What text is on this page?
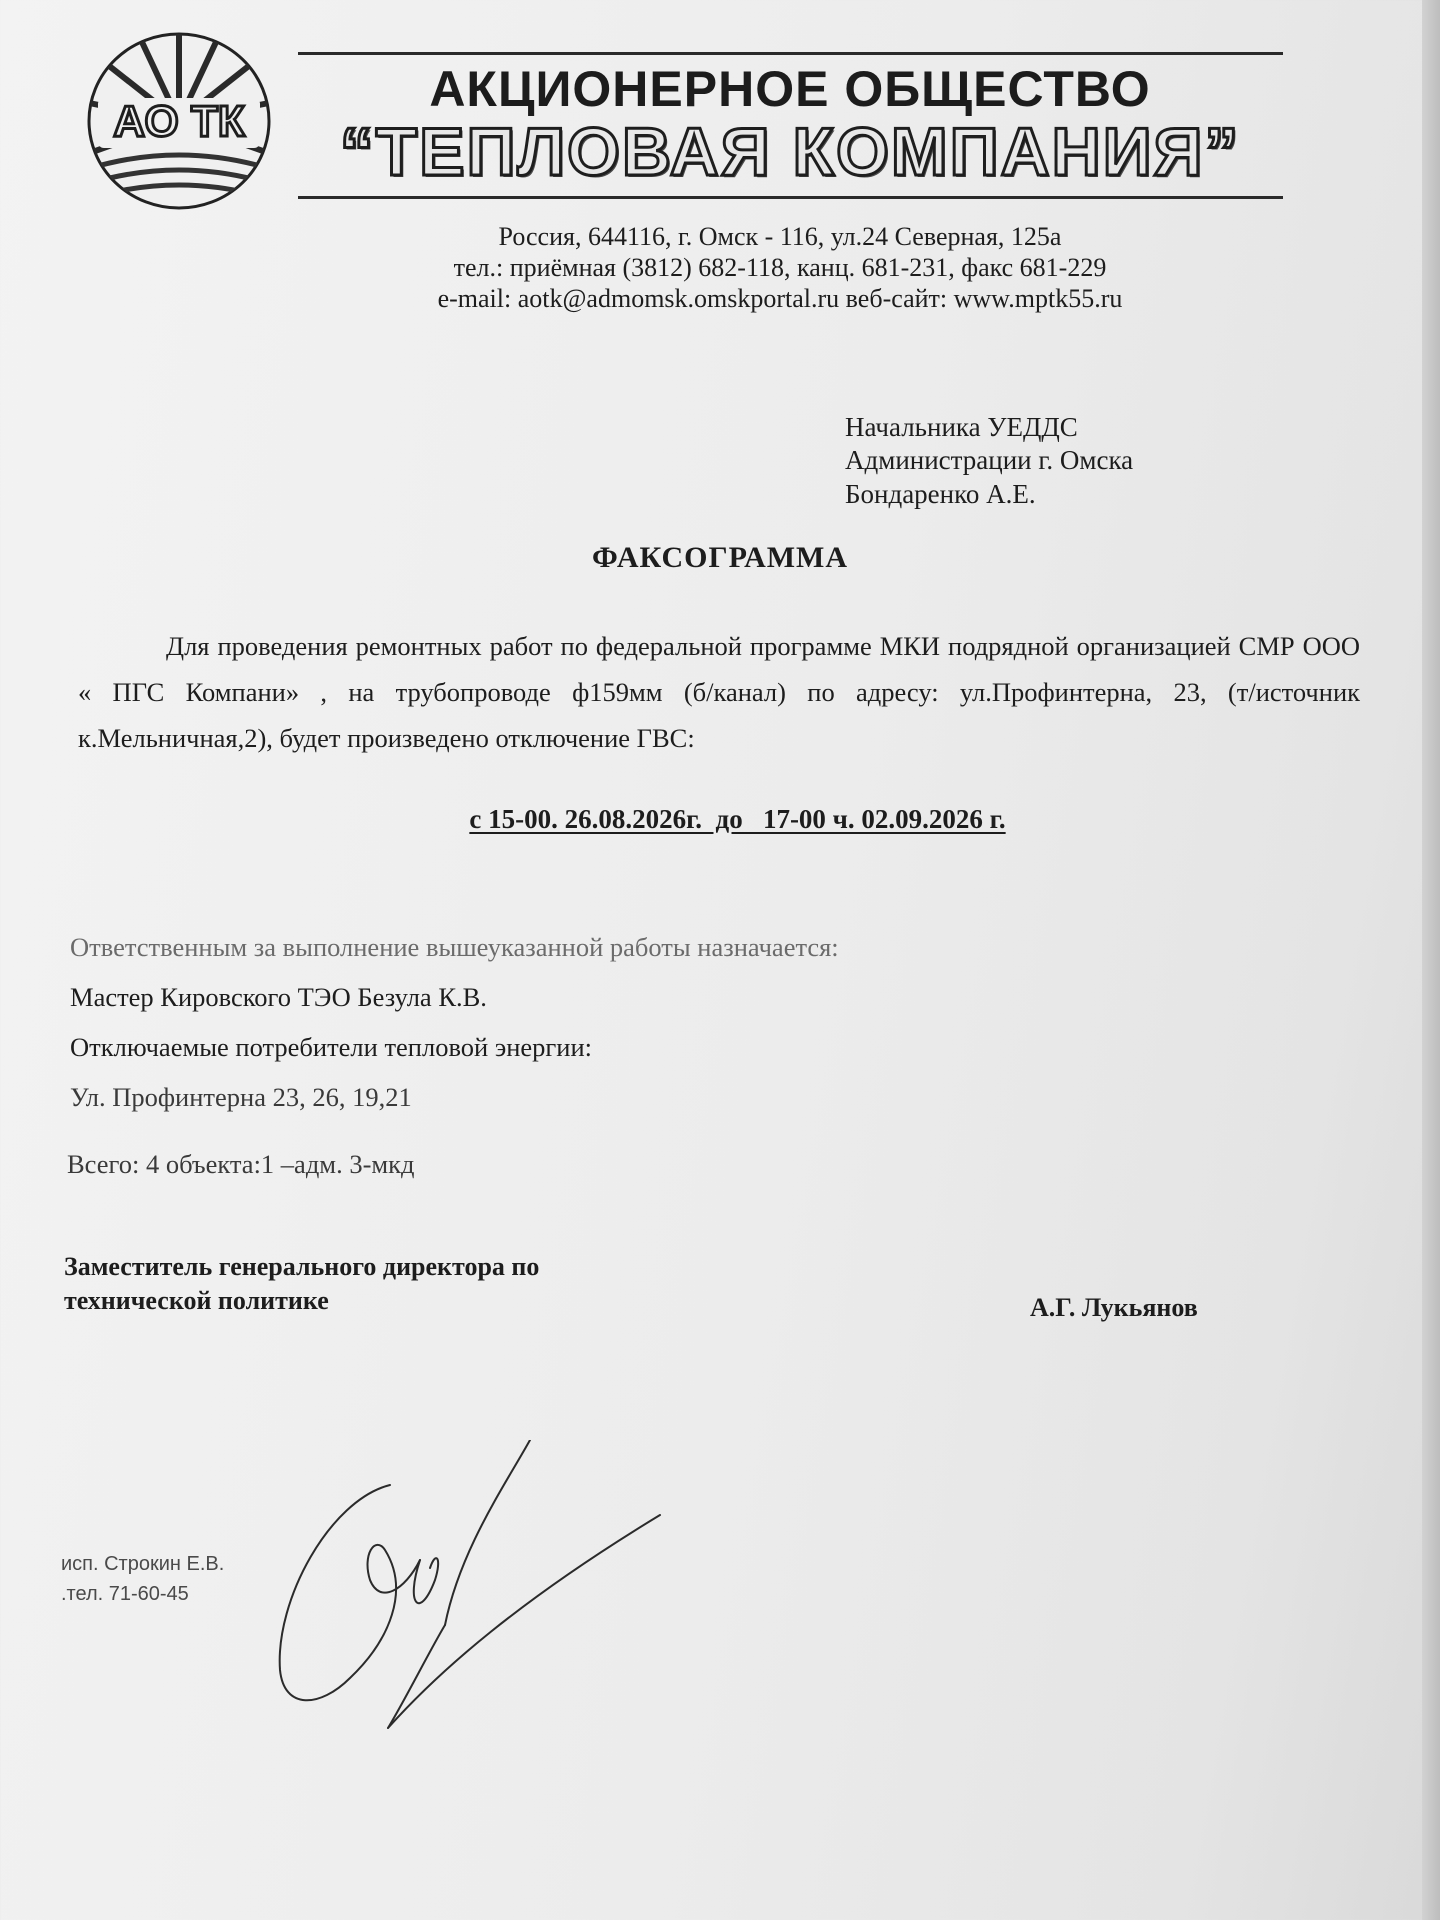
АО ТК
АКЦИОНЕРНОЕ ОБЩЕСТВО
“ТЕПЛОВАЯ КОМПАНИЯ”
Россия, 644116, г. Омск - 116, ул.24 Северная, 125а
тел.: приёмная (3812) 682-118, канц. 681-231, факс 681-229
e-mail: aotk@admomsk.omskportal.ru веб-сайт: www.mptk55.ru
Начальника УЕДДС
Администрации г. Омска
Бондаренко А.Е.
ФАКСОГРАММА
Для проведения ремонтных работ по федеральной программе МКИ подрядной организацией СМР ООО « ПГС Компани» , на трубопроводе ф159мм (б/канал) по адресу: ул.Профинтерна, 23, (т/источник к.Мельничная,2), будет произведено отключение ГВС:
с 15-00. 26.08.2026г.  до   17-00 ч. 02.09.2026 г.
Ответственным за выполнение вышеуказанной работы назначается:
Мастер Кировского ТЭО Безула К.В.
Отключаемые потребители тепловой энергии:
Ул. Профинтерна 23, 26, 19,21
Всего: 4 объекта:1 –адм. 3-мкд
Заместитель генерального директора по
технической политике	А.Г. Лукьянов
исп. Строкин Е.В.
.тел. 71-60-45
